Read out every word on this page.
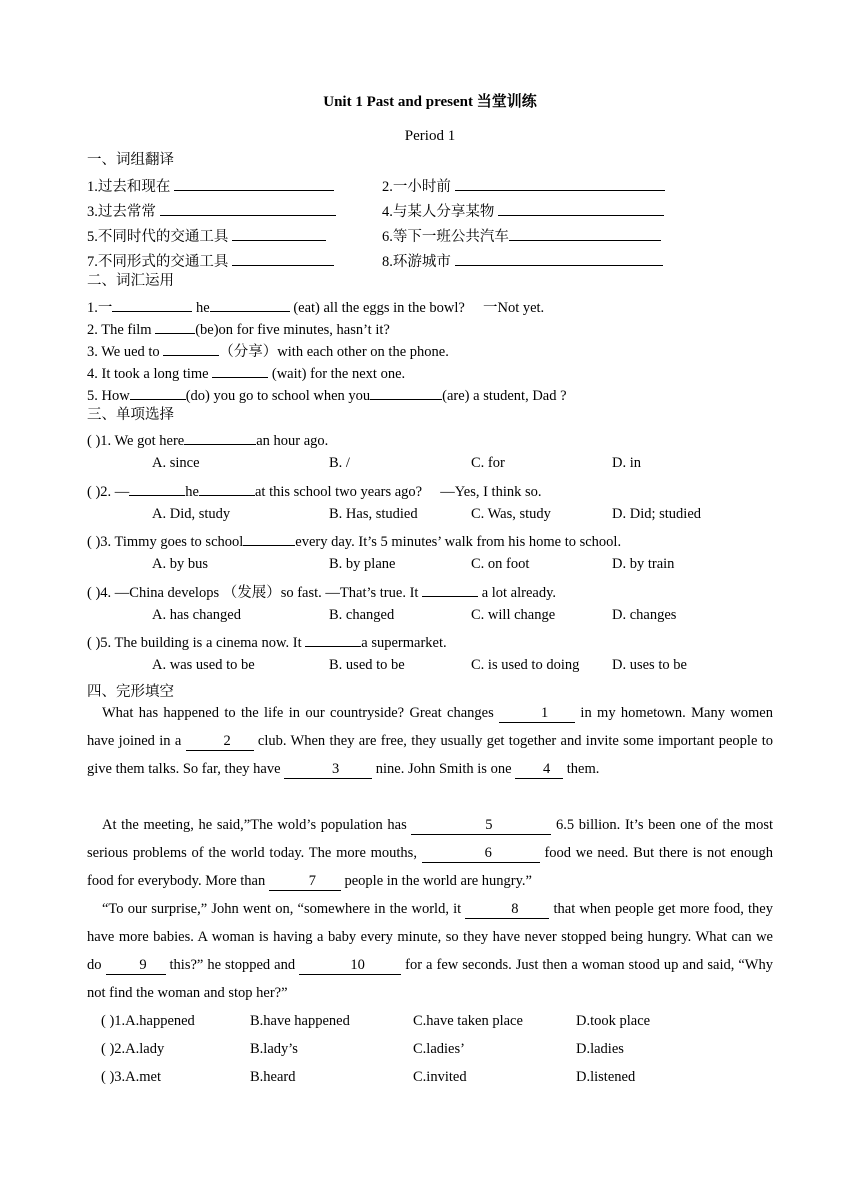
Unit 1 Past and present 当堂训练
Period 1
一、词组翻译
1.过去和现在	2.一小时前
3.过去常常	4.与某人分享某物
5.不同时代的交通工具	6.等下一班公共汽车
7.不同形式的交通工具	8.环游城市
二、词汇运用
1.一	he	(eat) all the eggs in the bowl? 一Not yet.
2. The film	(be)on for five minutes, hasn’t it?
3. We ued to	（分享）with each other on the phone.
4. It took a long time	(wait) for the next one.
5. How	(do) you go to school when you	(are) a student, Dad ?
三、单项选择
( )1. We got here	an hour ago.
A. since	B. /	C. for	D. in
( )2. —	he	at this school two years ago? —Yes, I think so.
A. Did, study	B. Has, studied	C. Was, study	D. Did; studied
( )3. Timmy goes to school	every day. It’s 5 minutes’ walk from his home to school.
A. by bus	B. by plane	C. on foot	D. by train
( )4. —China develops （发展）so fast. —That’s true. It	a lot already.
A. has changed	B. changed	C. will change	D. changes
( )5. The building is a cinema now. It	a supermarket.
A. was used to be	B. used to be	C. is used to doing D. uses to be
四、完形填空
What has happened to the life in our countryside? Great changes	1 in my hometown. Many women have joined in a	2 club. When they are free, they usually get together and invite some important people to give them talks. So far, they have	3 nine. John Smith is one 4 them.
At the meeting, he said,”The wold’s population has	5	6.5 billion. It’s been one of the most serious problems of the world today. The more mouths,	6	food we need. But there is not enough food for everybody. More than	7 people in the world are hungry.”
“To our surprise,” John went on, “somewhere in the world, it	8 that when people get more food, they have more babies. A woman is having a baby every minute, so they have never stopped being hungry. What can we do 9 this?” he stopped and	10	for a few seconds. Just then a woman stood up and said, “Why not find the woman and stop her?”
( )1.A.happened	B.have happened	C.have taken place	D.took place
( )2.A.lady	B.lady’s	C.ladies’	D.ladies
( )3.A.met	B.heard	C.invited	D.listened
